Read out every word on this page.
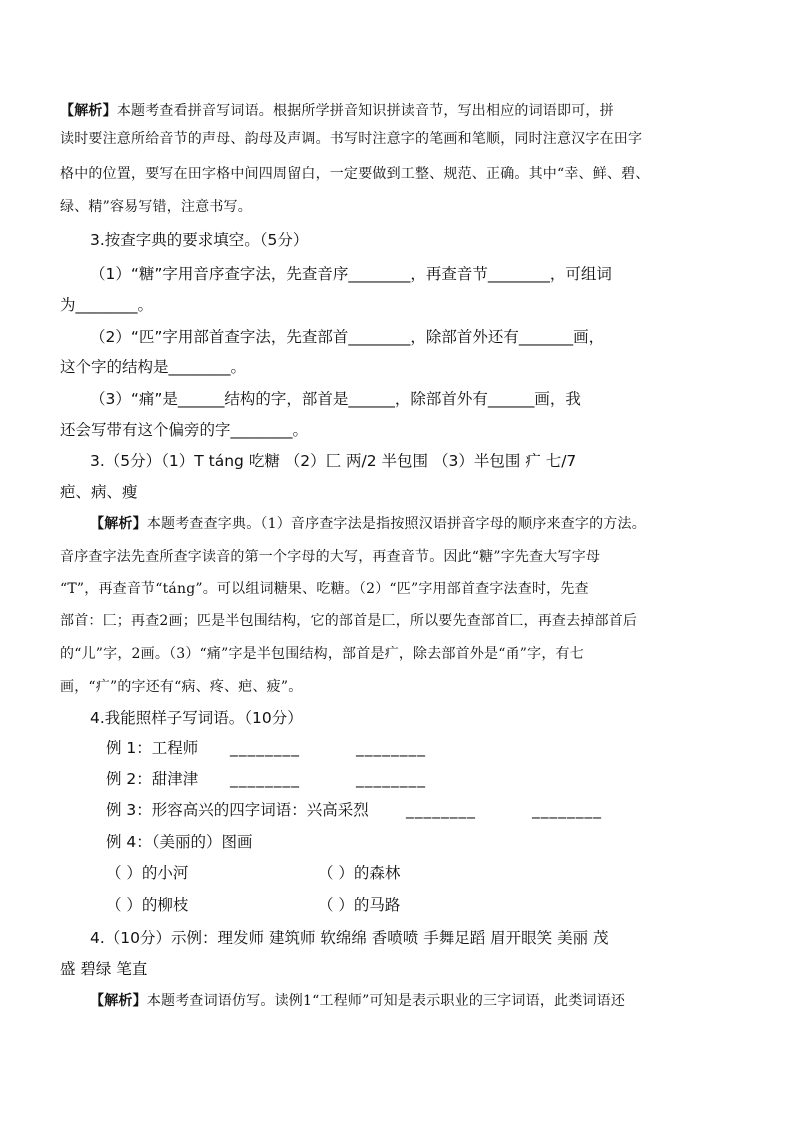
【解析】本题考查看拼音写词语。根据所学拼音知识拼读音节，写出相应的词语即可，拼
读时要注意所给音节的声母、韵母及声调。书写时注意字的笔画和笔顺，同时注意汉字在田字
格中的位置，要写在田字格中间四周留白，一定要做到工整、规范、正确。其中“幸、鲜、碧、
绿、精”容易写错，注意书写。
3.按查字典的要求填空。（5分）
（1）“糖”字用音序查字法，先查音序________，再查音节________，可组词
为________。
（2）“匹”字用部首查字法，先查部首________，除部首外还有_______画，
这个字的结构是________。
（3）“痛”是______结构的字，部首是______，除部首外有______画，我
还会写带有这个偏旁的字________。
3.（5分）（1）T táng 吃糖 （2）匚 两/2 半包围 （3）半包围 疒 七/7
疤、病、瘦
【解析】本题考查查字典。（1）音序查字法是指按照汉语拼音字母的顺序来查字的方法。
音序查字法先查所查字读音的第一个字母的大写，再查音节。因此“糖”字先查大写字母
“T”，再查音节“táng”。可以组词糖果、吃糖。（2）“匹”字用部首查字法查时，先查
部首：匚；再查2画；匹是半包围结构，它的部首是匚，所以要先查部首匚，再查去掉部首后
的“儿”字，2画。（3）“痛”字是半包围结构，部首是疒，除去部首外是“甬”字，有七
画，“疒”的字还有“病、疼、疤、疲”。
4.我能照样子写词语。（10分）
例 1：工程师 ________	________
例 2：甜津津 ________	________
例 3：形容高兴的四字词语：兴高采烈 ________	________
例 4：（美丽的）图画
（ ）的小河	（ ）的森林
（ ）的柳枝	（ ）的马路
4.（10分）示例：理发师 建筑师 软绵绵 香喷喷 手舞足蹈 眉开眼笑 美丽 茂
盛 碧绿 笔直
【解析】本题考查词语仿写。读例1“工程师”可知是表示职业的三字词语，此类词语还
